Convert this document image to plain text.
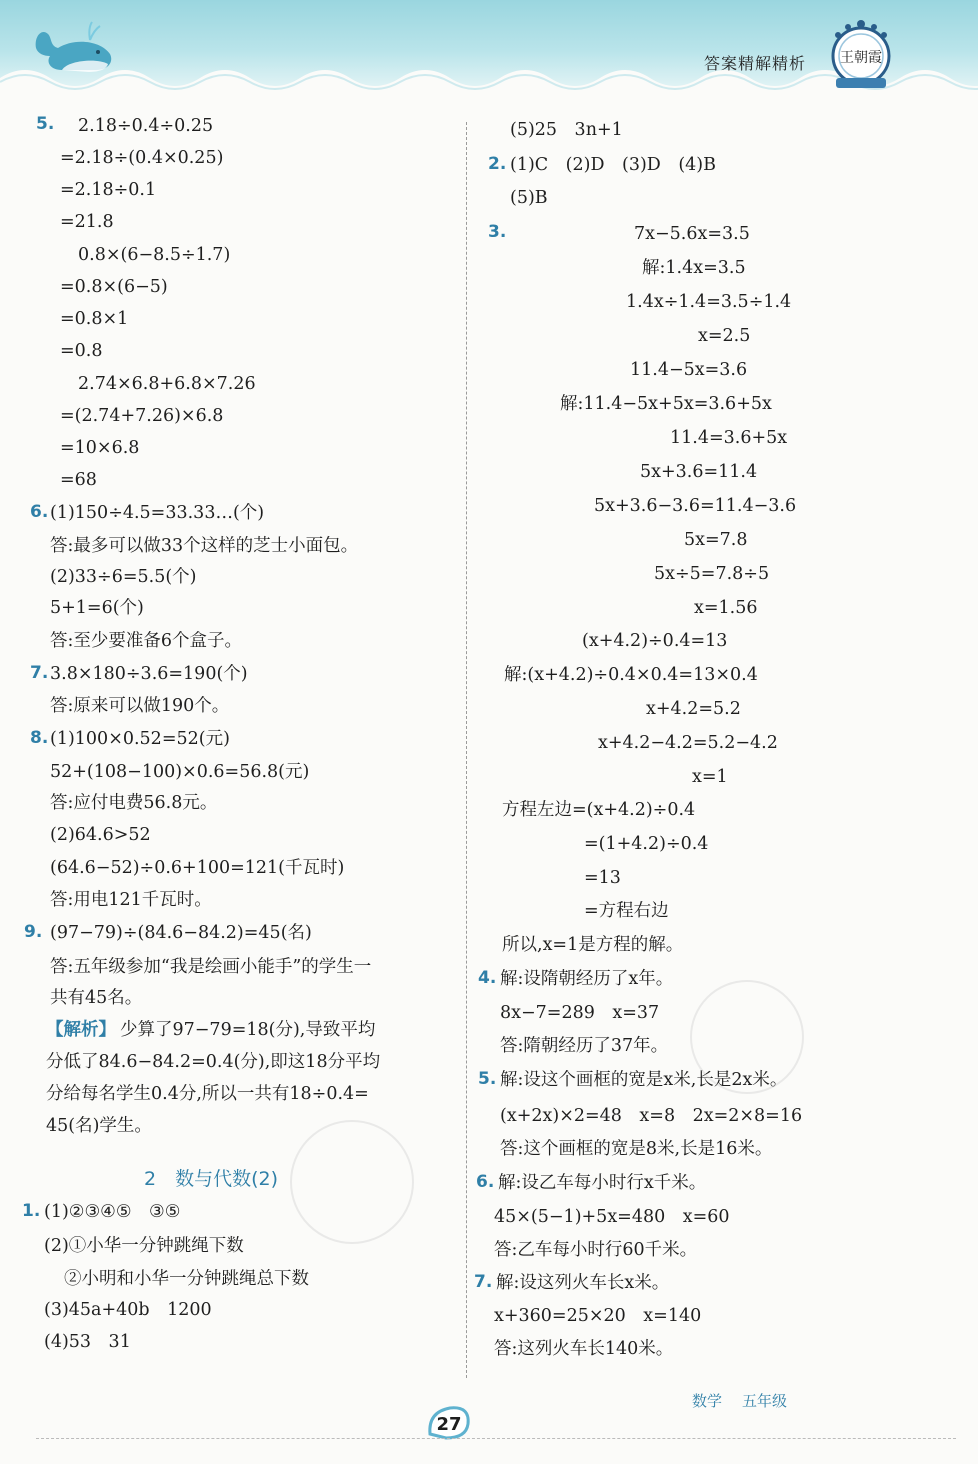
答案精解精析 王朝霞
5. 2.18÷0.4÷0.25
=2.18÷(0.4×0.25)
=2.18÷0.1
=21.8
0.8×(6−8.5÷1.7)
=0.8×(6−5)
=0.8×1
=0.8
2.74×6.8+6.8×7.26
=(2.74+7.26)×6.8
=10×6.8
=68
6. (1)150÷4.5=33.33…(个)
答:最多可以做33个这样的芝士小面包。
(2)33÷6=5.5(个)
5+1=6(个)
答:至少要准备6个盒子。
7. 3.8×180÷3.6=190(个)
答:原来可以做190个。
8. (1)100×0.52=52(元)
52+(108−100)×0.6=56.8(元)
答:应付电费56.8元。
(2)64.6>52
(64.6−52)÷0.6+100=121(千瓦时)
答:用电121千瓦时。
9. (97−79)÷(84.6−84.2)=45(名)
答:五年级参加“我是绘画小能手”的学生一
共有45名。
【解析】 少算了97−79=18(分),导致平均
分低了84.6−84.2=0.4(分),即这18分平均
分给每名学生0.4分,所以一共有18÷0.4=
45(名)学生。
2　数与代数(2)
1. (1)②③④⑤　③⑤
(2)①小华一分钟跳绳下数
②小明和小华一分钟跳绳总下数
(3)45a+40b　1200
(4)53　31
(5)25　3n+1
2. (1)C　(2)D　(3)D　(4)B
(5)B
3.	7x−5.6x=3.5
解:1.4x=3.5
1.4x÷1.4=3.5÷1.4
x=2.5
11.4−5x=3.6
解:11.4−5x+5x=3.6+5x
11.4=3.6+5x
5x+3.6=11.4
5x+3.6−3.6=11.4−3.6
5x=7.8
5x÷5=7.8÷5
x=1.56
(x+4.2)÷0.4=13
解:(x+4.2)÷0.4×0.4=13×0.4
x+4.2=5.2
x+4.2−4.2=5.2−4.2
x=1
方程左边=(x+4.2)÷0.4
=(1+4.2)÷0.4
=13
=方程右边
所以,x=1是方程的解。
4. 解:设隋朝经历了x年。
8x−7=289　x=37
答:隋朝经历了37年。
5. 解:设这个画框的宽是x米,长是2x米。
(x+2x)×2=48　x=8　2x=2×8=16
答:这个画框的宽是8米,长是16米。
6. 解:设乙车每小时行x千米。
45×(5−1)+5x=480　x=60
答:乙车每小时行60千米。
7. 解:设这列火车长x米。
x+360=25×20　x=140
答:这列火车长140米。
27
数学 五年级
